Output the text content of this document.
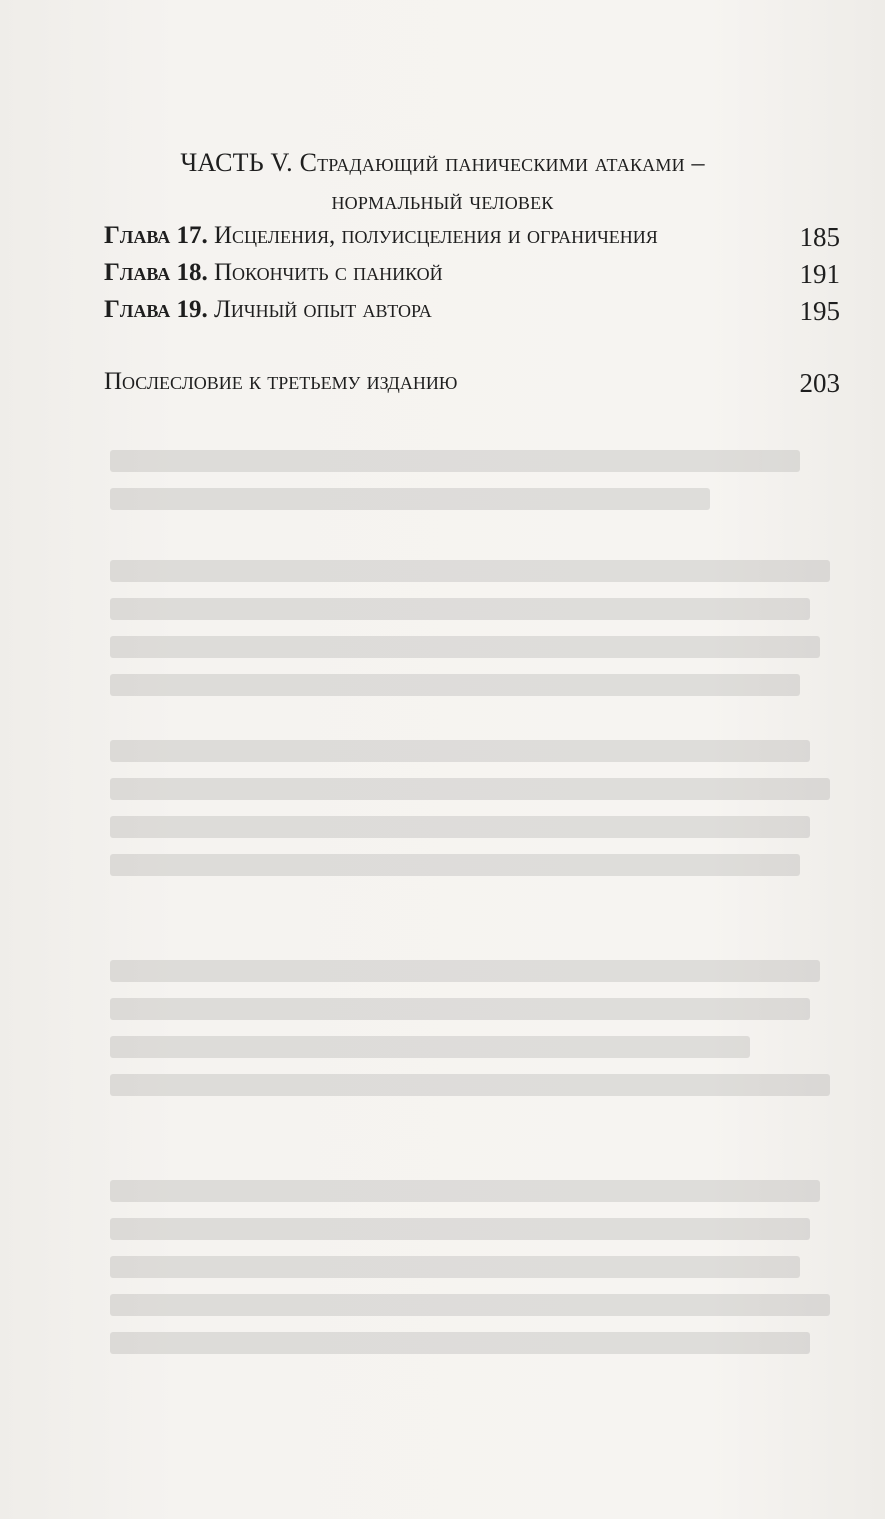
ЧАСТЬ V. Страдающий паническими атаками –
нормальный человек
Глава 17. Исцеления, полуисцеления и ограничения	185
Глава 18. Покончить с паникой	191
Глава 19. Личный опыт автора	195
Послесловие к третьему изданию	203
